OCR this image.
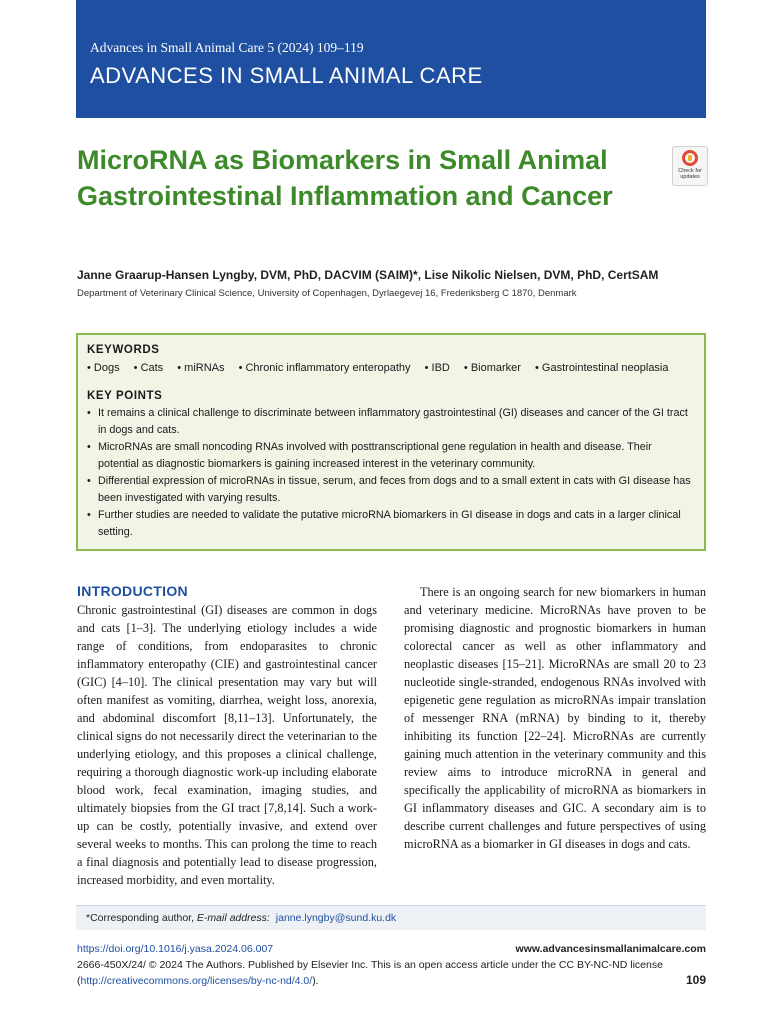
Advances in Small Animal Care 5 (2024) 109–119
ADVANCES IN SMALL ANIMAL CARE
MicroRNA as Biomarkers in Small Animal Gastrointestinal Inflammation and Cancer
Check for updates
Janne Graarup-Hansen Lyngby, DVM, PhD, DACVIM (SAIM)*, Lise Nikolic Nielsen, DVM, PhD, CertSAM
Department of Veterinary Clinical Science, University of Copenhagen, Dyrlaegevej 16, Frederiksberg C 1870, Denmark
KEYWORDS
• Dogs • Cats • miRNAs • Chronic inflammatory enteropathy • IBD • Biomarker • Gastrointestinal neoplasia
KEY POINTS
• It remains a clinical challenge to discriminate between inflammatory gastrointestinal (GI) diseases and cancer of the GI tract in dogs and cats.
• MicroRNAs are small noncoding RNAs involved with posttranscriptional gene regulation in health and disease. Their potential as diagnostic biomarkers is gaining increased interest in the veterinary community.
• Differential expression of microRNAs in tissue, serum, and feces from dogs and to a small extent in cats with GI disease has been investigated with varying results.
• Further studies are needed to validate the putative microRNA biomarkers in GI disease in dogs and cats in a larger clinical setting.
INTRODUCTION

Chronic gastrointestinal (GI) diseases are common in dogs and cats [1–3]. The underlying etiology includes a wide range of conditions, from endoparasites to chronic inflammatory enteropathy (CIE) and gastrointestinal cancer (GIC) [4–10]. The clinical presentation may vary but will often manifest as vomiting, diarrhea, weight loss, anorexia, and abdominal discomfort [8,11–13]. Unfortunately, the clinical signs do not necessarily direct the veterinarian to the underlying etiology, and this proposes a clinical challenge, requiring a thorough diagnostic work-up including elaborate blood work, fecal examination, imaging studies, and ultimately biopsies from the GI tract [7,8,14]. Such a work-up can be costly, potentially invasive, and extend over several weeks to months. This can prolong the time to reach a final diagnosis and potentially lead to disease progression, increased morbidity, and even mortality.

There is an ongoing search for new biomarkers in human and veterinary medicine. MicroRNAs have proven to be promising diagnostic and prognostic biomarkers in human colorectal cancer as well as other inflammatory and neoplastic diseases [15–21]. MicroRNAs are small 20 to 23 nucleotide single-stranded, endogenous RNAs involved with epigenetic gene regulation as microRNAs impair translation of messenger RNA (mRNA) by binding to it, thereby inhibiting its function [22–24]. MicroRNAs are currently gaining much attention in the veterinary community and this review aims to introduce microRNA in general and specifically the applicability of microRNA as biomarkers in GI inflammatory diseases and GIC. A secondary aim is to describe current challenges and future perspectives of using microRNA as a biomarker in GI diseases in dogs and cats.

*Corresponding author, E-mail address: janne.lyngby@sund.ku.dk
https://doi.org/10.1016/j.yasa.2024.06.007	www.advancesinsmallanimalcare.com
2666-450X/24/ © 2024 The Authors. Published by Elsevier Inc. This is an open access article under the CC BY-NC-ND license
(http://creativecommons.org/licenses/by-nc-nd/4.0/).	109
